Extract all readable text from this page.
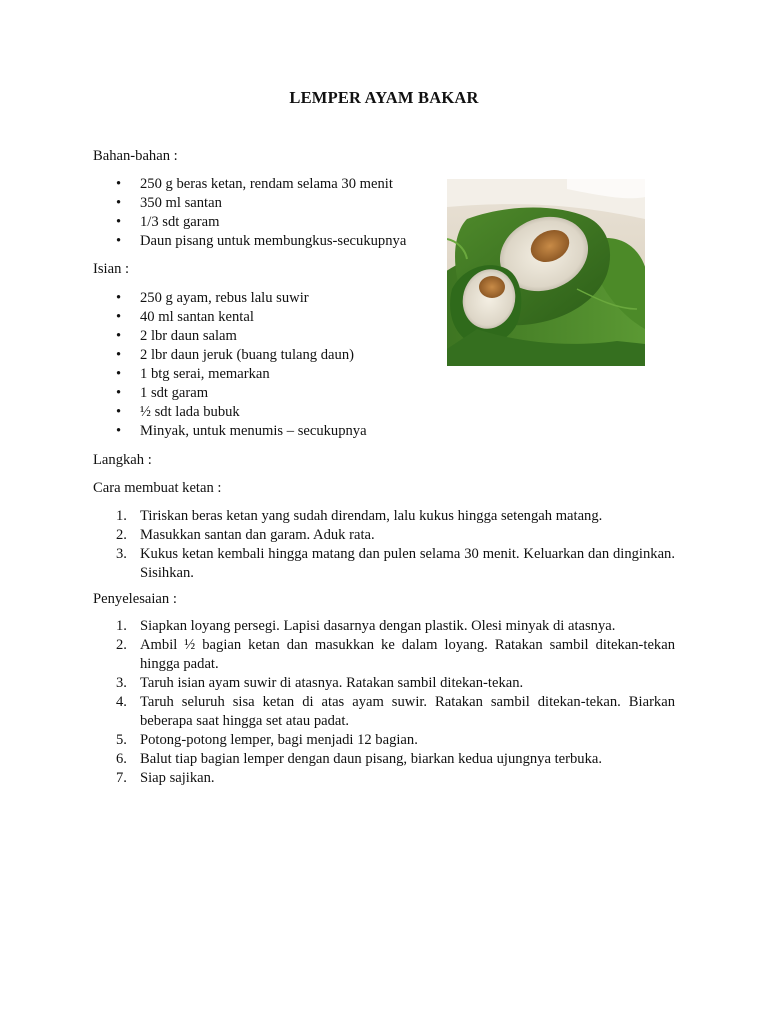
LEMPER AYAM BAKAR
Bahan-bahan :
• 250 g beras ketan, rendam selama 30 menit
• 350 ml santan
• 1/3 sdt garam
• Daun pisang untuk membungkus-secukupnya
Isian :
• 250 g ayam, rebus lalu suwir
• 40 ml santan kental
• 2 lbr daun salam
• 2 lbr daun jeruk (buang tulang daun)
• 1 btg serai, memarkan
• 1 sdt garam
• ½ sdt lada bubuk
• Minyak, untuk menumis – secukupnya
Langkah :
Cara membuat ketan :
1. Tiriskan beras ketan yang sudah direndam, lalu kukus hingga setengah matang.
2. Masukkan santan dan garam. Aduk rata.
3. Kukus ketan kembali hingga matang dan pulen selama 30 menit. Keluarkan dan dinginkan. Sisihkan.
Penyelesaian :
1. Siapkan loyang persegi. Lapisi dasarnya dengan plastik. Olesi minyak di atasnya.
2. Ambil ½ bagian ketan dan masukkan ke dalam loyang. Ratakan sambil ditekan-tekan hingga padat.
3. Taruh isian ayam suwir di atasnya. Ratakan sambil ditekan-tekan.
4. Taruh seluruh sisa ketan di atas ayam suwir. Ratakan sambil ditekan-tekan. Biarkan beberapa saat hingga set atau padat.
5. Potong-potong lemper, bagi menjadi 12 bagian.
6. Balut tiap bagian lemper dengan daun pisang, biarkan kedua ujungnya terbuka.
7. Siap sajikan.
